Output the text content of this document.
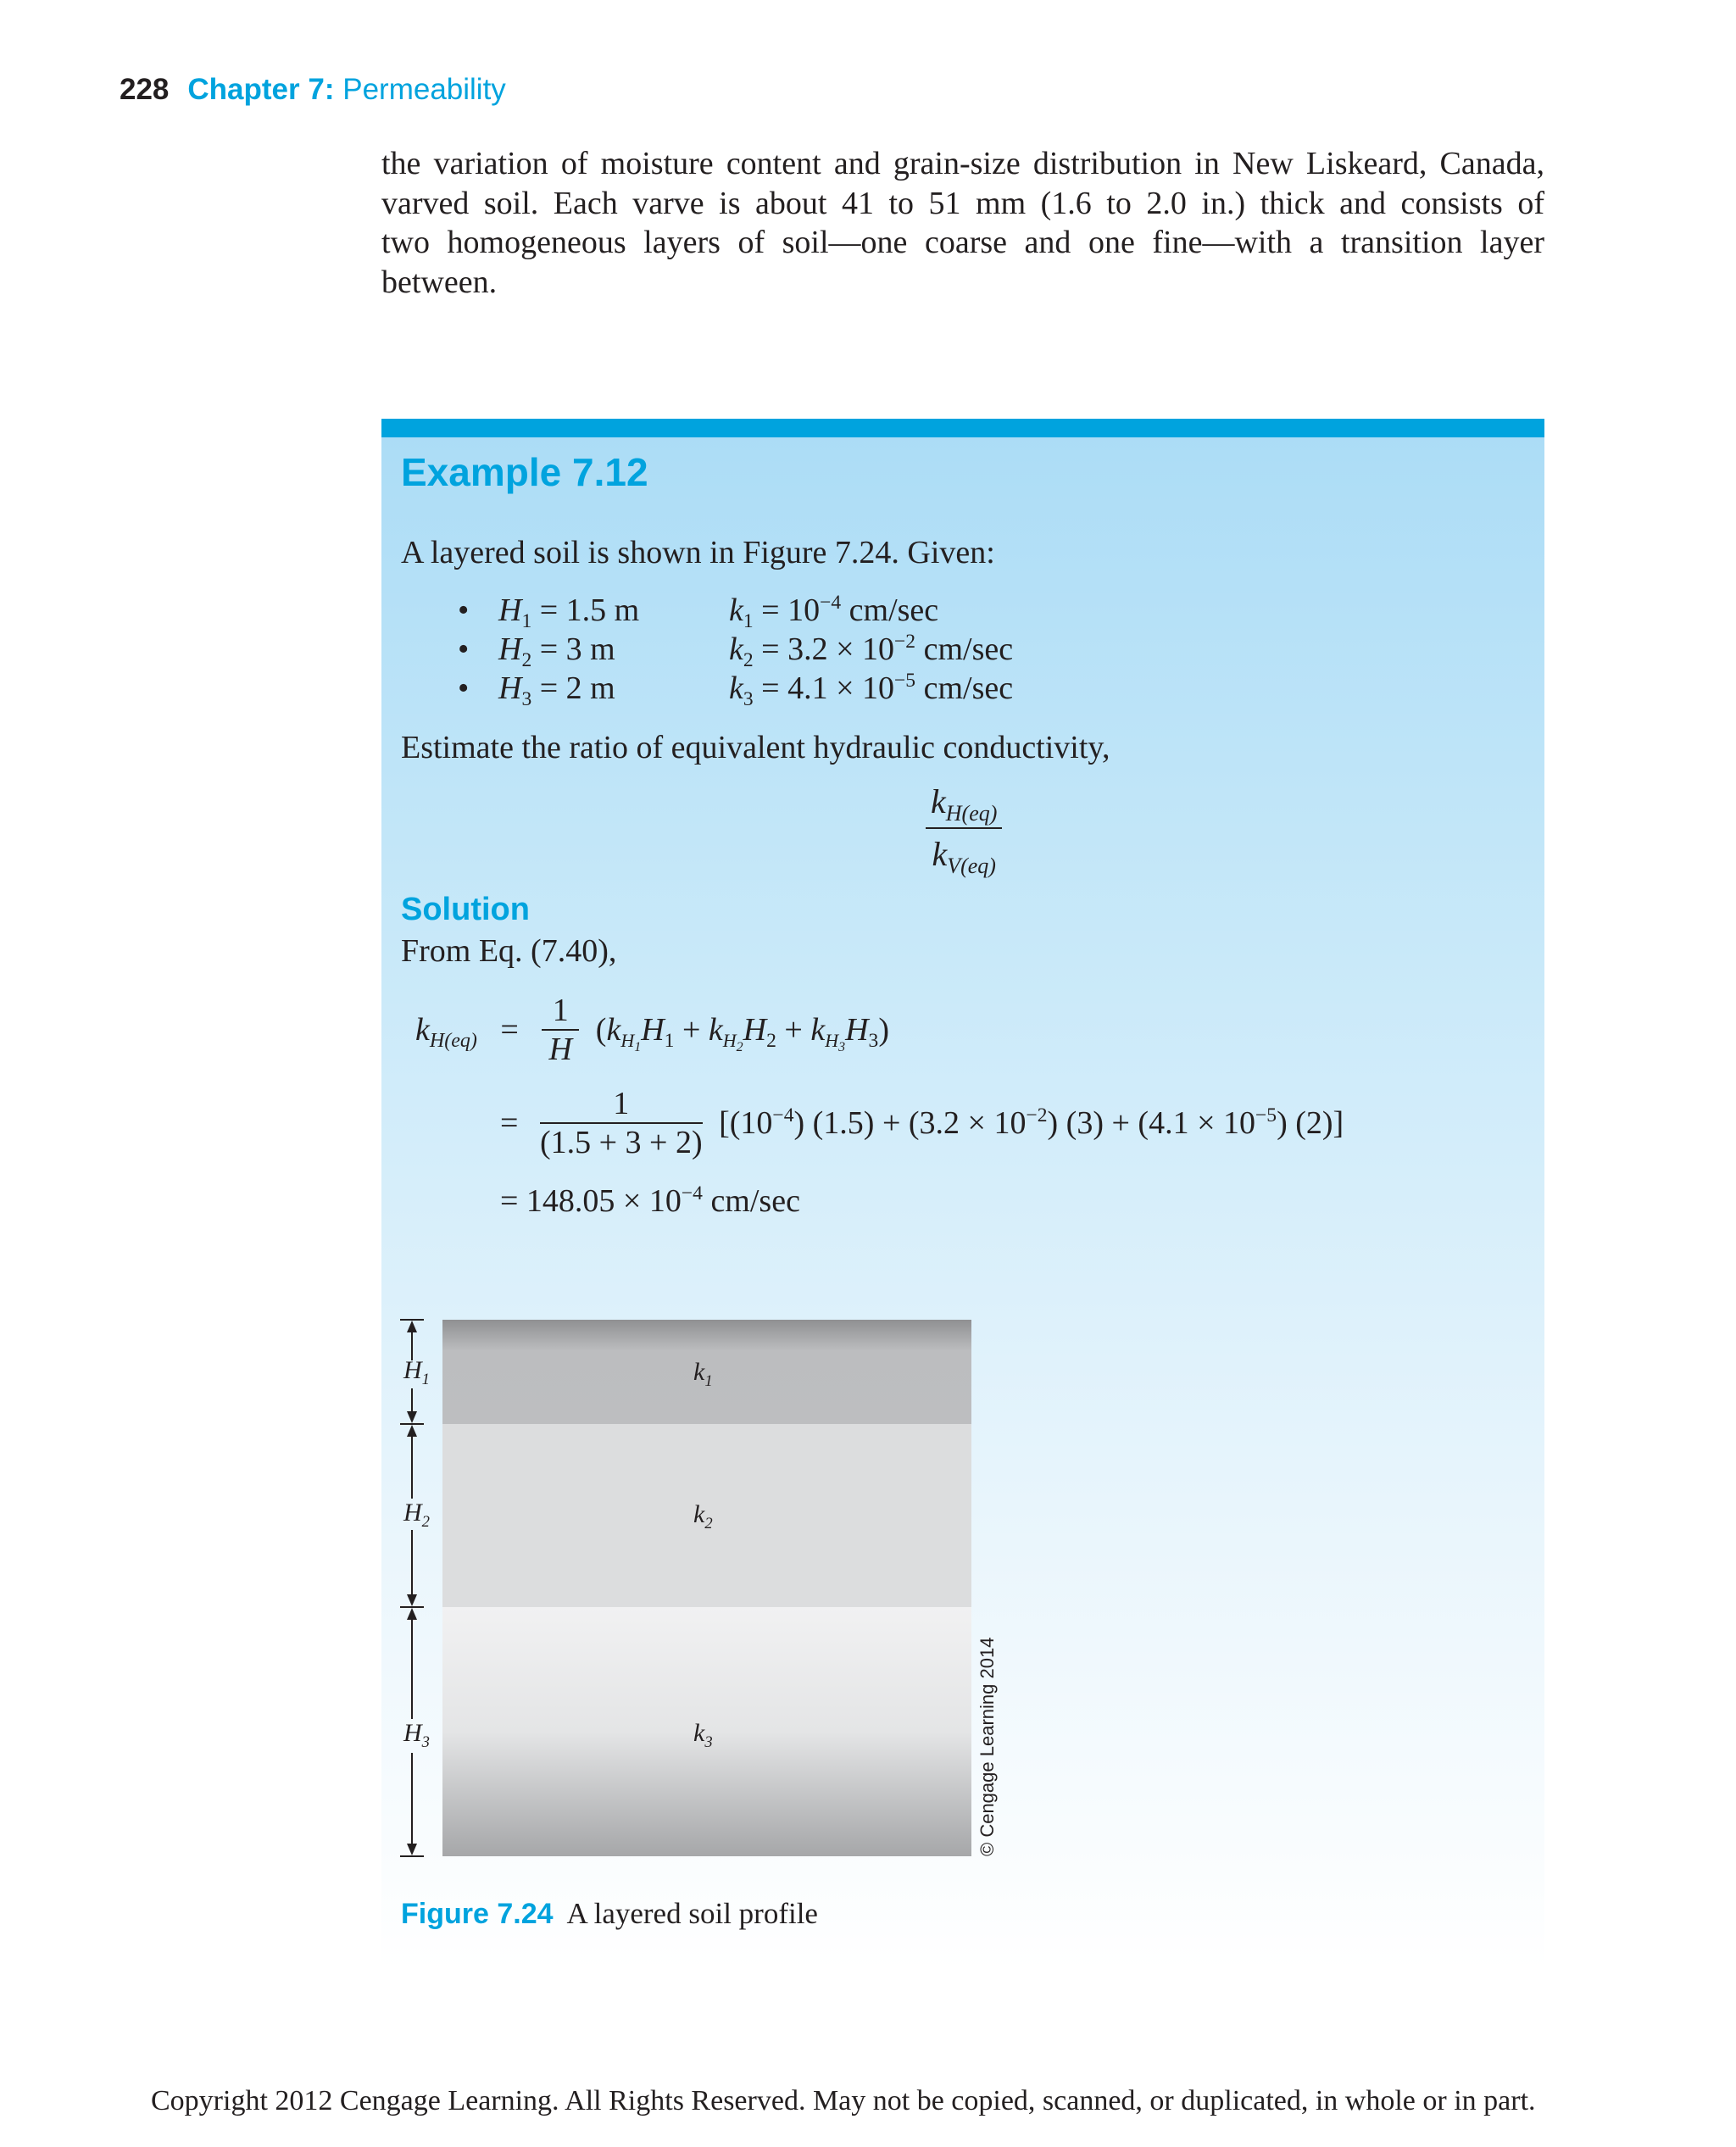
228 Chapter 7: Permeability
the variation of moisture content and grain-size distribution in New Liskeard, Canada,
varved soil. Each varve is about 41 to 51 mm (1.6 to 2.0 in.) thick and consists of
two homogeneous layers of soil—one coarse and one fine—with a transition layer
between.
Example 7.12
A layered soil is shown in Figure 7.24. Given:
• $H_1 = 1.5$ m	$k_1 = 10^{-4}$ cm/sec
• $H_2 = 3$ m	$k_2 = 3.2 \times 10^{-2}$ cm/sec
• $H_3 = 2$ m	$k_3 = 4.1 \times 10^{-5}$ cm/sec
Estimate the ratio of equivalent hydraulic conductivity,
$\frac{k_{H(eq)}}{k_{V(eq)}}$
Solution
From Eq. (7.40),
$k_{H(eq)} = \frac{1}{H} (k_{H_1}H_1 + k_{H_2}H_2 + k_{H_3}H_3)$
= $\frac{1}{(1.5 + 3 + 2)} [(10^{-4}) (1.5) + (3.2 \times 10^{-2}) (3) + (4.1 \times 10^{-5})$ (2)]
= $148.05 \times 10^{-4}$ cm/sec
$H_1$
$H_2$
$H_3$
$k_1$
$k_2$
$k_3$	© Cengage Learning 2014
Figure 7.24 A layered soil profile
Copyright 2012 Cengage Learning. All Rights Reserved. May not be copied, scanned, or duplicated, in whole or in part.
